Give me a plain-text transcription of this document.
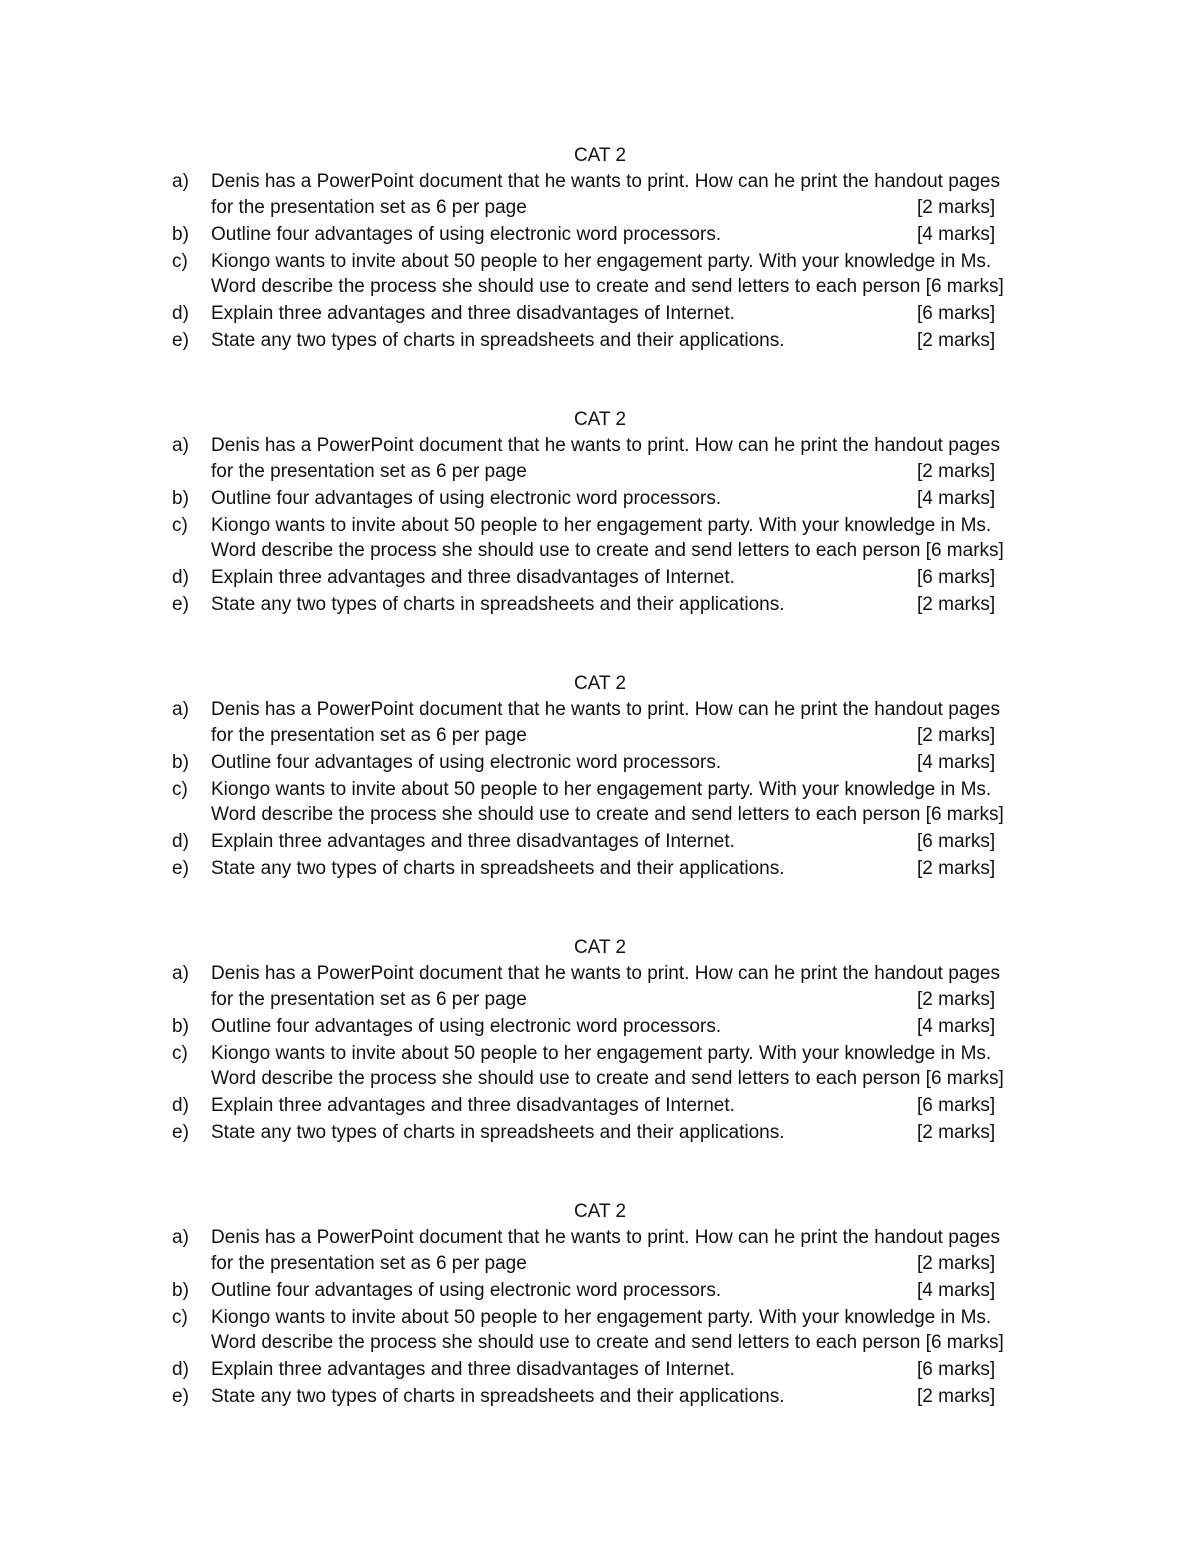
CAT 2
a) Denis has a PowerPoint document that he wants to print. How can he print the handout pages
for the presentation set as 6 per page	[2 marks]
b) Outline four advantages of using electronic word processors.	[4 marks]
c) Kiongo wants to invite about 50 people to her engagement party. With your knowledge in Ms.
Word describe the process she should use to create and send letters to each person [6 marks]
d) Explain three advantages and three disadvantages of Internet.	[6 marks]
e) State any two types of charts in spreadsheets and their applications.	[2 marks]
CAT 2
a) Denis has a PowerPoint document that he wants to print. How can he print the handout pages
for the presentation set as 6 per page	[2 marks]
b) Outline four advantages of using electronic word processors.	[4 marks]
c) Kiongo wants to invite about 50 people to her engagement party. With your knowledge in Ms.
Word describe the process she should use to create and send letters to each person [6 marks]
d) Explain three advantages and three disadvantages of Internet.	[6 marks]
e) State any two types of charts in spreadsheets and their applications.	[2 marks]
CAT 2
a) Denis has a PowerPoint document that he wants to print. How can he print the handout pages
for the presentation set as 6 per page	[2 marks]
b) Outline four advantages of using electronic word processors.	[4 marks]
c) Kiongo wants to invite about 50 people to her engagement party. With your knowledge in Ms.
Word describe the process she should use to create and send letters to each person [6 marks]
d) Explain three advantages and three disadvantages of Internet.	[6 marks]
e) State any two types of charts in spreadsheets and their applications.	[2 marks]
CAT 2
a) Denis has a PowerPoint document that he wants to print. How can he print the handout pages
for the presentation set as 6 per page	[2 marks]
b) Outline four advantages of using electronic word processors.	[4 marks]
c) Kiongo wants to invite about 50 people to her engagement party. With your knowledge in Ms.
Word describe the process she should use to create and send letters to each person [6 marks]
d) Explain three advantages and three disadvantages of Internet.	[6 marks]
e) State any two types of charts in spreadsheets and their applications.	[2 marks]
CAT 2
a) Denis has a PowerPoint document that he wants to print. How can he print the handout pages
for the presentation set as 6 per page	[2 marks]
b) Outline four advantages of using electronic word processors.	[4 marks]
c) Kiongo wants to invite about 50 people to her engagement party. With your knowledge in Ms.
Word describe the process she should use to create and send letters to each person [6 marks]
d) Explain three advantages and three disadvantages of Internet.	[6 marks]
e) State any two types of charts in spreadsheets and their applications.	[2 marks]
